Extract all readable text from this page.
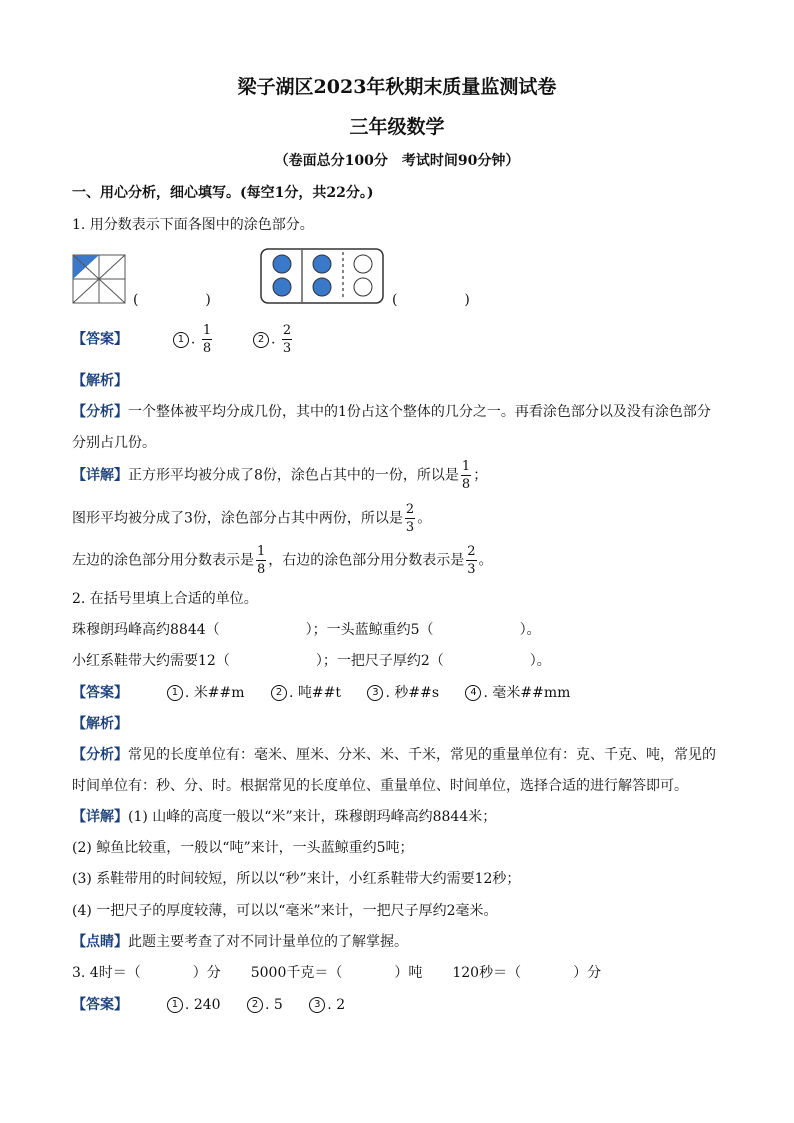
梁子湖区2023年秋期末质量监测试卷
三年级数学
（卷面总分100分　考试时间90分钟）
一、用心分析，细心填写。(每空1分，共22分。)
1. 用分数表示下面各图中的涂色部分。
(	)	(	)
【答案】	1 . $\frac{1}{8}$	2 . $\frac{2}{3}$
【解析】
【分析】一个整体被平均分成几份，其中的1份占这个整体的几分之一。再看涂色部分以及没有涂色部分
分别占几份。
【详解】正方形平均被分成了8份，涂色占其中的一份，所以是 $\frac{1}{8}$ ；
图形平均被分成了3份，涂色部分占其中两份，所以是 $\frac{2}{3}$ 。
左边的涂色部分用分数表示是 $\frac{1}{8}$ ，右边的涂色部分用分数表示是 $\frac{2}{3}$ 。
2. 在括号里填上合适的单位。
珠穆朗玛峰高约8844（	）；一头蓝鲸重约5（	）。
小红系鞋带大约需要12（	）；一把尺子厚约2（	）。
【答案】	1 . 米##m	2 . 吨##t	3 . 秒##s	4 . 毫米##mm
【解析】
【分析】常见的长度单位有：毫米、厘米、分米、米、千米，常见的重量单位有：克、千克、吨，常见的
时间单位有：秒、分、时。根据常见的长度单位、重量单位、时间单位，选择合适的进行解答即可。
【详解】(1) 山峰的高度一般以“米”来计，珠穆朗玛峰高约8844米；
(2) 鲸鱼比较重，一般以“吨”来计，一头蓝鲸重约5吨；
(3) 系鞋带用的时间较短，所以以“秒”来计，小红系鞋带大约需要12秒；
(4) 一把尺子的厚度较薄，可以以“毫米”来计，一把尺子厚约2毫米。
【点睛】此题主要考查了对不同计量单位的了解掌握。
3. 4时＝（	）分 5000千克＝（	）吨 120秒＝（	）分
【答案】	1 . 240	2 . 5	3 . 2
